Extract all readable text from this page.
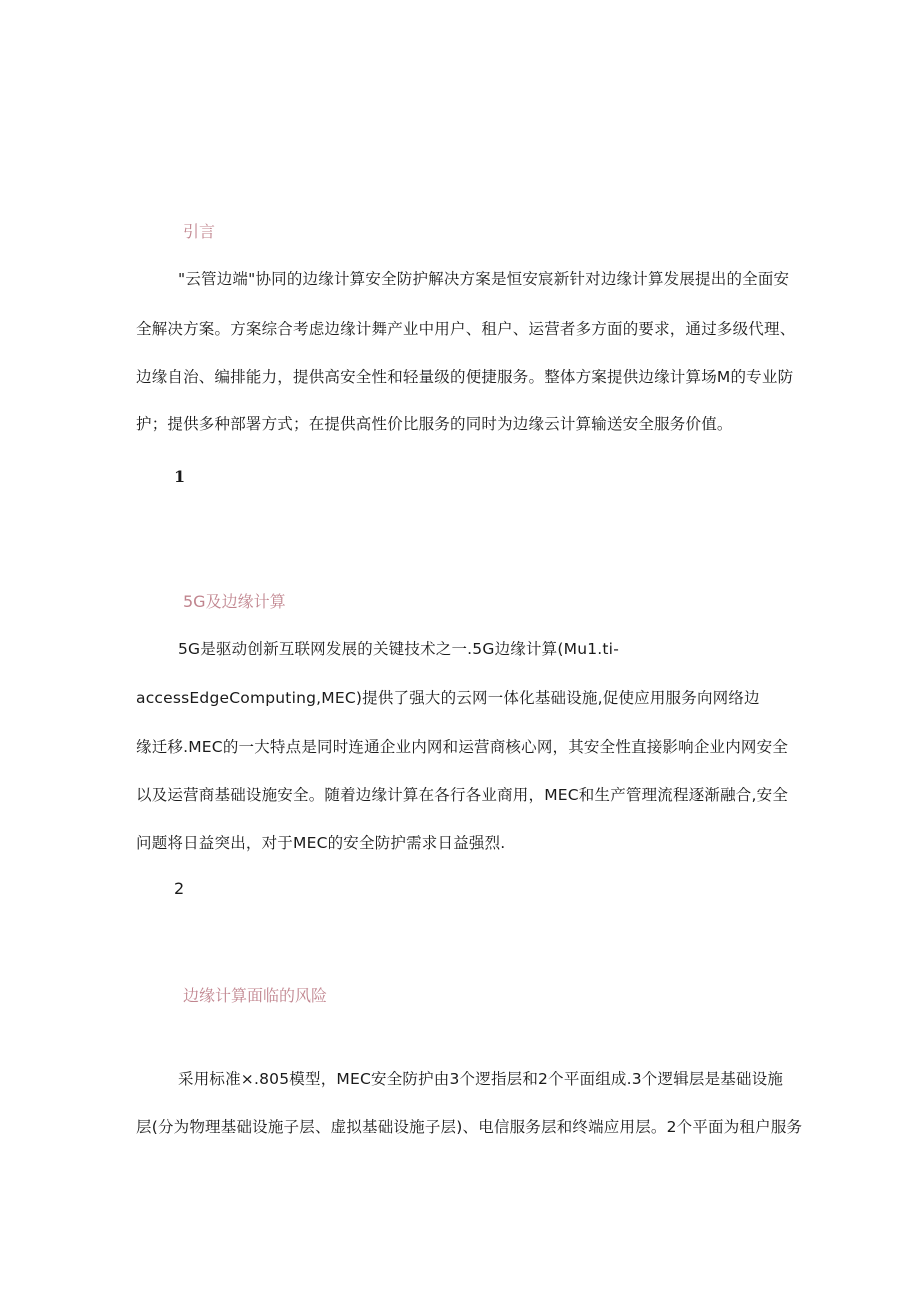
引言
"云管边端"协同的边缘计算安全防护解决方案是恒安宸新针对边缘计算发展提出的全面安
全解决方案。方案综合考虑边缘计舞产业中用户、租户、运营者多方面的要求，通过多级代理、
边缘自治、编排能力，提供高安全性和轻量级的便捷服务。整体方案提供边缘计算场M的专业防
护；提供多种部署方式；在提供高性价比服务的同时为边缘云计算输送安全服务价值。
1
5G及边缘计算
5G是驱动创新互联网发展的关键技术之一.5G边缘计算(Mu1.ti-
accessEdgeComputing,MEC)提供了强大的云网一体化基础设施,促使应用服务向网络边
缘迁移.MEC的一大特点是同时连通企业内网和运营商核心网，其安全性直接影响企业内网安全
以及运营商基础设施安全。随着边缘计算在各行各业商用，MEC和生产管理流程逐渐融合,安全
问题将日益突出，对于MEC的安全防护需求日益强烈.
2
边缘计算面临的风险
采用标准×.805模型，MEC安全防护由3个逻指层和2个平面组成.3个逻辑层是基础设施
层(分为物理基础设施子层、虚拟基础设施子层)、电信服务层和终端应用层。2个平面为租户服务
